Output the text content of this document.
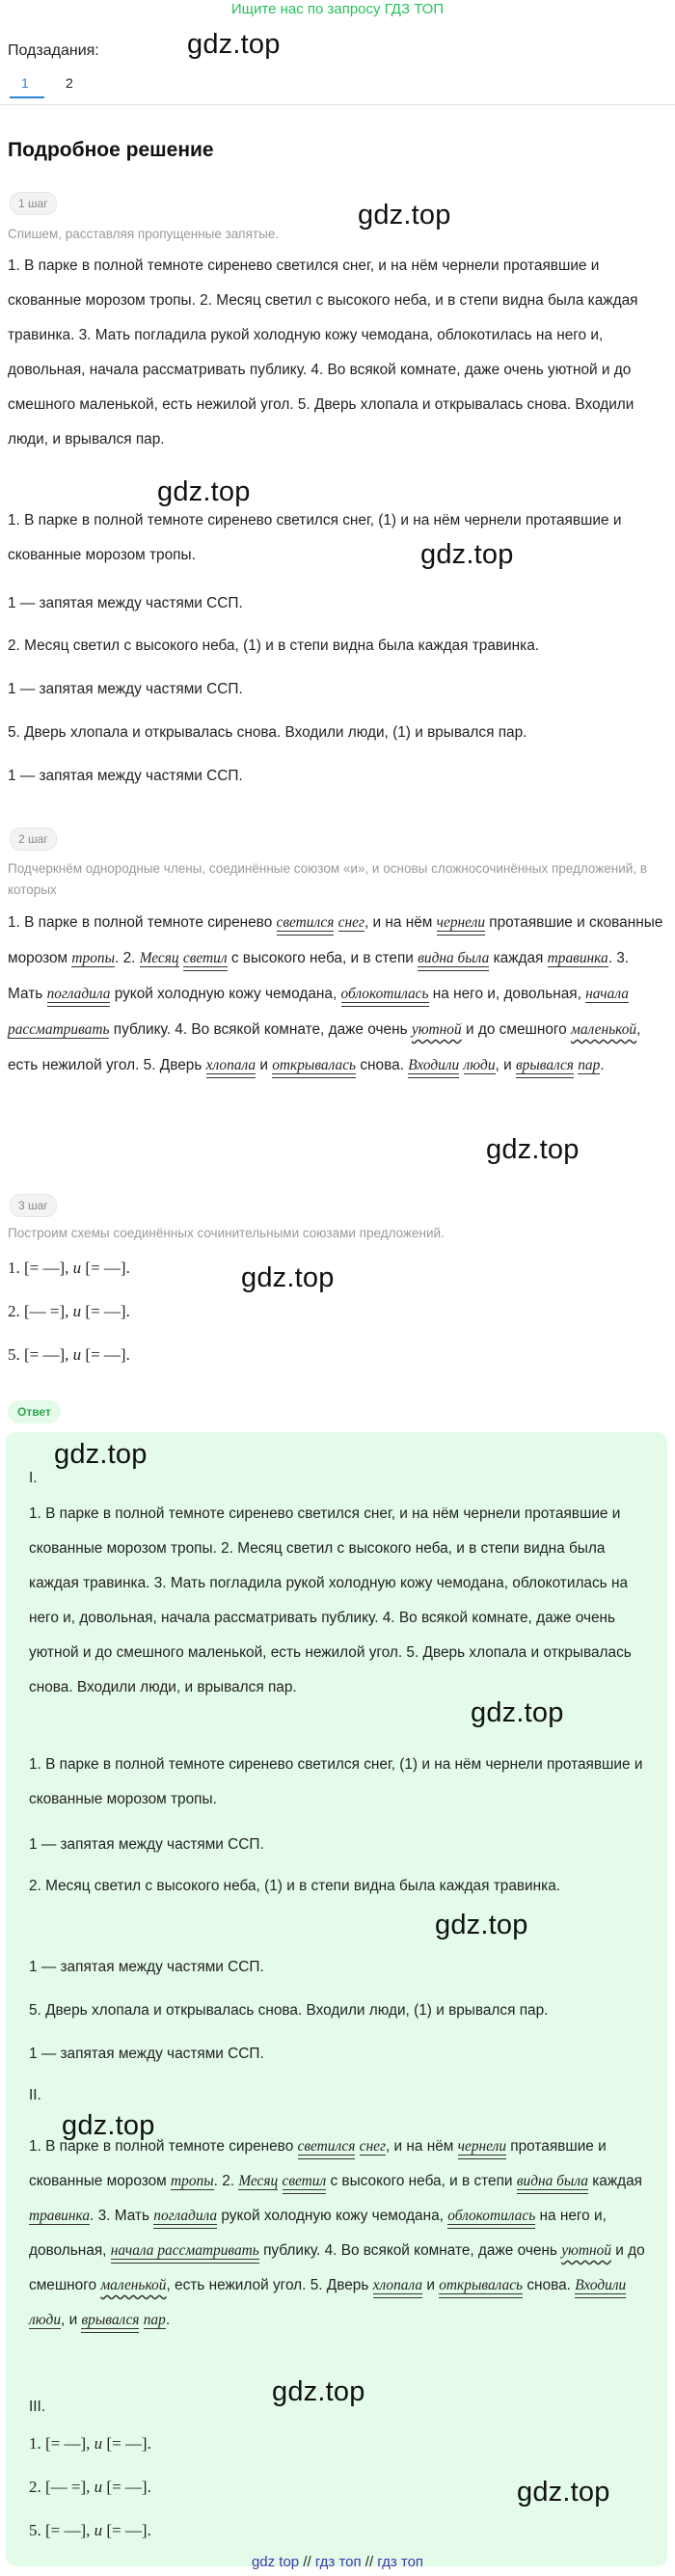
Ищите нас по запросу ГДЗ ТОП
gdz.top
Подзадания:
1	2
Подробное решение
1 шаг	gdz.top
Спишем, расставляя пропущенные запятые.
1. В парке в полной темноте сиренево светился снег, и на нём чернели протаявшие и скованные морозом тропы. 2. Месяц светил с высокого неба, и в степи видна была каждая травинка. 3. Мать погладила рукой холодную кожу чемодана, облокотилась на него и, довольная, начала рассматривать публику. 4. Во всякой комнате, даже очень уютной и до смешного маленькой, есть нежилой угол. 5. Дверь хлопала и открывалась снова. Входили люди, и врывался пар.
gdz.top
1. В парке в полной темноте сиренево светился снег, (1) и на нём чернели протаявшие и скованные морозом тропы.	gdz.top
1 — запятая между частями ССП.
2. Месяц светил с высокого неба, (1) и в степи видна была каждая травинка.
1 — запятая между частями ССП.
5. Дверь хлопала и открывалась снова. Входили люди, (1) и врывался пар.
1 — запятая между частями ССП.
2 шаг
Подчеркнём однородные члены, соединённые союзом «и», и основы сложносочинённых предложений, в которых
1. В парке в полной темноте сиренево светился снег, и на нём чернели протаявшие и скованные морозом тропы. 2. Месяц светил с высокого неба, и в степи видна была каждая травинка. 3. Мать погладила рукой холодную кожу чемодана, облокотилась на него и, довольная, начала рассматривать публику. 4. Во всякой комнате, даже очень уютной и до смешного маленькой, есть нежилой угол. 5. Дверь хлопала и открывалась снова. Входили люди, и врывался пар.
gdz.top
3 шаг
Построим схемы соединённых сочинительными союзами предложений.
1. [= —], и [= —].	gdz.top
2. [— =], и [= —].
5. [= —], и [= —].
Ответ
gdz.top
I.
1. В парке в полной темноте сиренево светился снег, и на нём чернели протаявшие и скованные морозом тропы. 2. Месяц светил с высокого неба, и в степи видна была каждая травинка. 3. Мать погладила рукой холодную кожу чемодана, облокотилась на него и, довольная, начала рассматривать публику. 4. Во всякой комнате, даже очень уютной и до смешного маленькой, есть нежилой угол. 5. Дверь хлопала и открывалась снова. Входили люди, и врывался пар.
gdz.top
1. В парке в полной темноте сиренево светился снег, (1) и на нём чернели протаявшие и скованные морозом тропы.
1 — запятая между частями ССП.
2. Месяц светил с высокого неба, (1) и в степи видна была каждая травинка.
gdz.top
1 — запятая между частями ССП.
5. Дверь хлопала и открывалась снова. Входили люди, (1) и врывался пар.
1 — запятая между частями ССП.
II.
gdz.top
1. В парке в полной темноте сиренево светился снег, и на нём чернели протаявшие и скованные морозом тропы. 2. Месяц светил с высокого неба, и в степи видна была каждая травинка. 3. Мать погладила рукой холодную кожу чемодана, облокотилась на него и, довольная, начала рассматривать публику. 4. Во всякой комнате, даже очень уютной и до смешного маленькой, есть нежилой угол. 5. Дверь хлопала и открывалась снова. Входили люди, и врывался пар.
III.	gdz.top
1. [= —], и [= —].
2. [— =], и [= —].	gdz.top
5. [= —], и [= —].
gdz top // гдз топ // гдз топ
